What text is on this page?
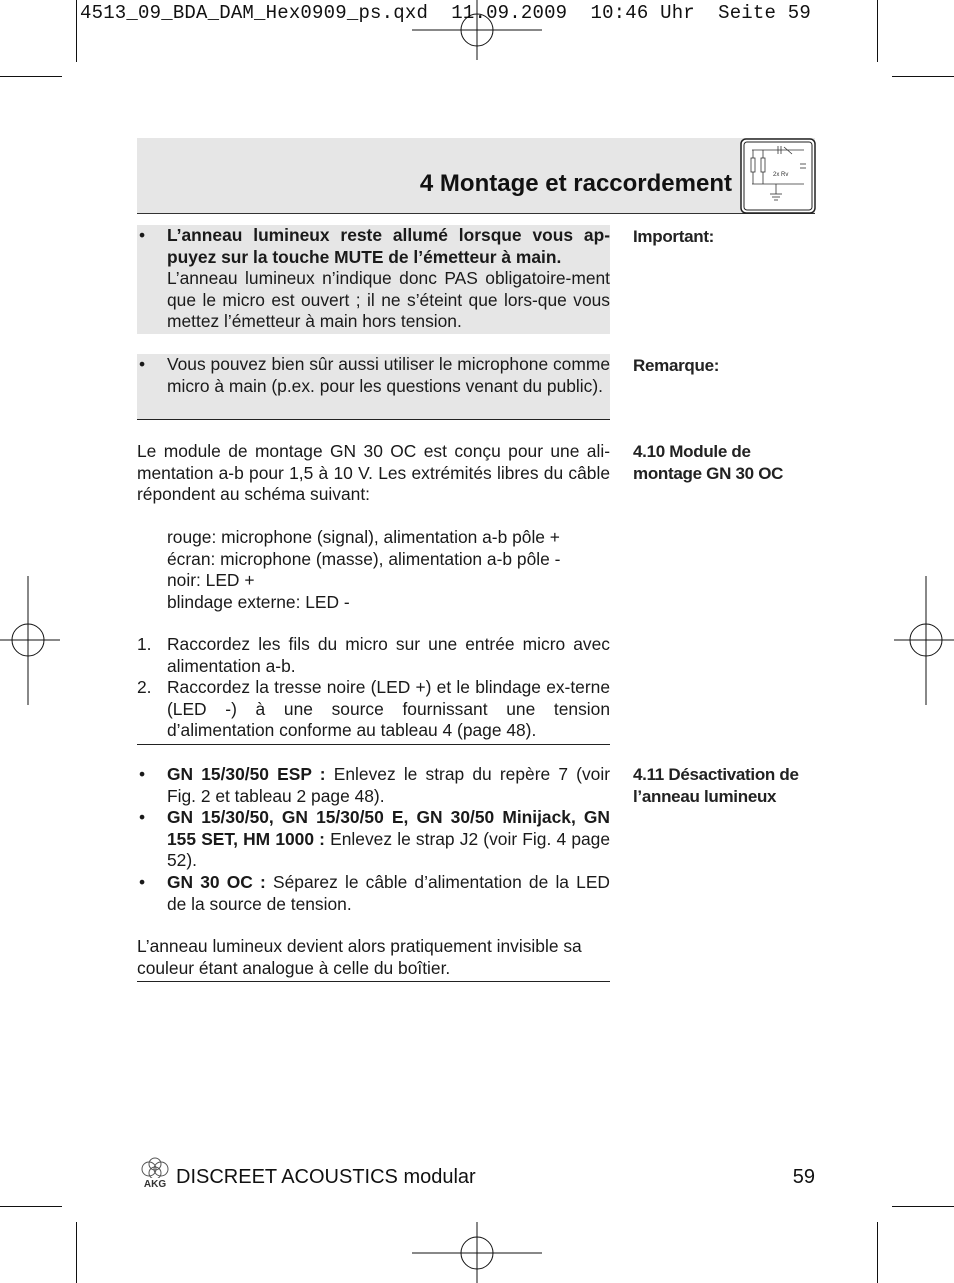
4513_09_BDA_DAM_Hex0909_ps.qxd  11.09.2009  10:46 Uhr  Seite 59
4 Montage et raccordement	2x Rv
• L’anneau lumineux reste allumé lorsque vous ap-puyez sur la touche MUTE de l’émetteur à main.
L’anneau lumineux n’indique donc PAS obligatoire-ment que le micro est ouvert ; il ne s’éteint que lors-que vous mettez l’émetteur à main hors tension.
Important:
• Vous pouvez bien sûr aussi utiliser le microphone comme micro à main (p.ex. pour les questions venant du public).
Remarque:
Le module de montage GN 30 OC est conçu pour une ali-mentation a-b pour 1,5 à 10 V. Les extrémités libres du câble répondent au schéma suivant:
rouge: microphone (signal), alimentation a-b pôle +
écran: microphone (masse), alimentation a-b pôle -
noir: LED +
blindage externe: LED -
1. Raccordez les fils du micro sur une entrée micro avec alimentation a-b.
2. Raccordez la tresse noire (LED +) et le blindage ex-terne (LED -) à une source fournissant une tension d’alimentation conforme au tableau 4 (page 48).
4.10 Module de montage GN 30 OC
• GN 15/30/50 ESP : Enlevez le strap du repère 7 (voir Fig. 2 et tableau 2 page 48).
• GN 15/30/50, GN 15/30/50 E, GN 30/50 Minijack, GN 155 SET, HM 1000 : Enlevez le strap J2 (voir Fig. 4 page 52).
• GN 30 OC : Séparez le câble d’alimentation de la LED de la source de tension.
L’anneau lumineux devient alors pratiquement invisible sa couleur étant analogue à celle du boîtier.
4.11 Désactivation de l’anneau lumineux
AKG DISCREET ACOUSTICS modular	59
